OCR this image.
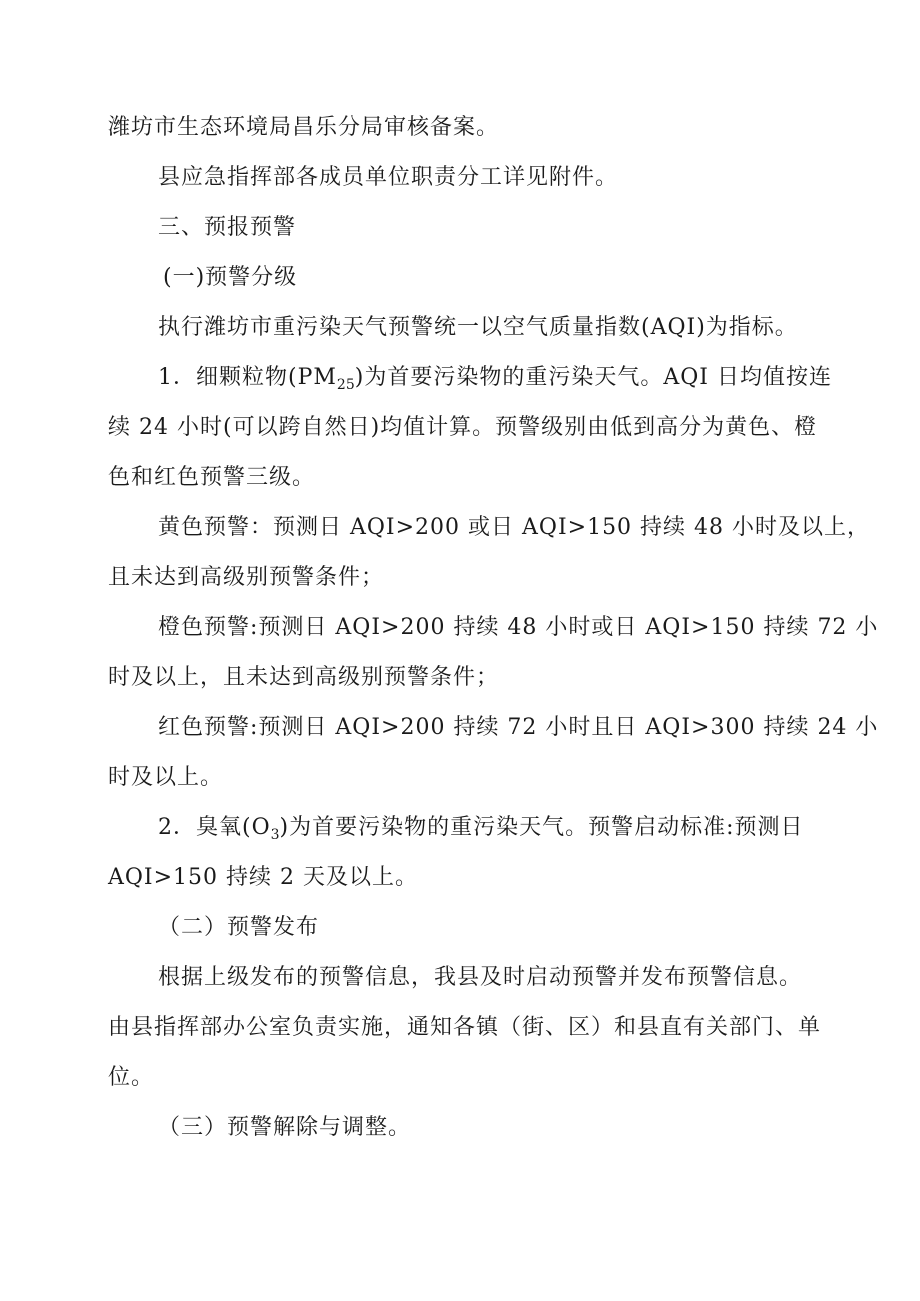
潍坊市生态环境局昌乐分局审核备案。
县应急指挥部各成员单位职责分工详见附件。
三、预报预警
(一)预警分级
执行潍坊市重污染天气预警统一以空气质量指数(AQI)为指标。
1．细颗粒物$(PM_{25})$为首要污染物的重污染天气。AQI 日均值按连
续 24 小时(可以跨自然日)均值计算。预警级别由低到高分为黄色、橙
色和红色预警三级。
黄色预警：预测日 AQI>200 或日 AQI>150 持续 48 小时及以上，
且未达到高级别预警条件；
橙色预警:预测日 AQI>200 持续 48 小时或日 AQI>150 持续 72 小
时及以上，且未达到高级别预警条件；
红色预警:预测日 AQI>200 持续 72 小时且日 AQI>300 持续 24 小
时及以上。
2．臭氧$(O_3)$为首要污染物的重污染天气。预警启动标准:预测日
AQI>150 持续 2 天及以上。
（二）预警发布
根据上级发布的预警信息，我县及时启动预警并发布预警信息。
由县指挥部办公室负责实施，通知各镇（街、区）和县直有关部门、单
位。
（三）预警解除与调整。
